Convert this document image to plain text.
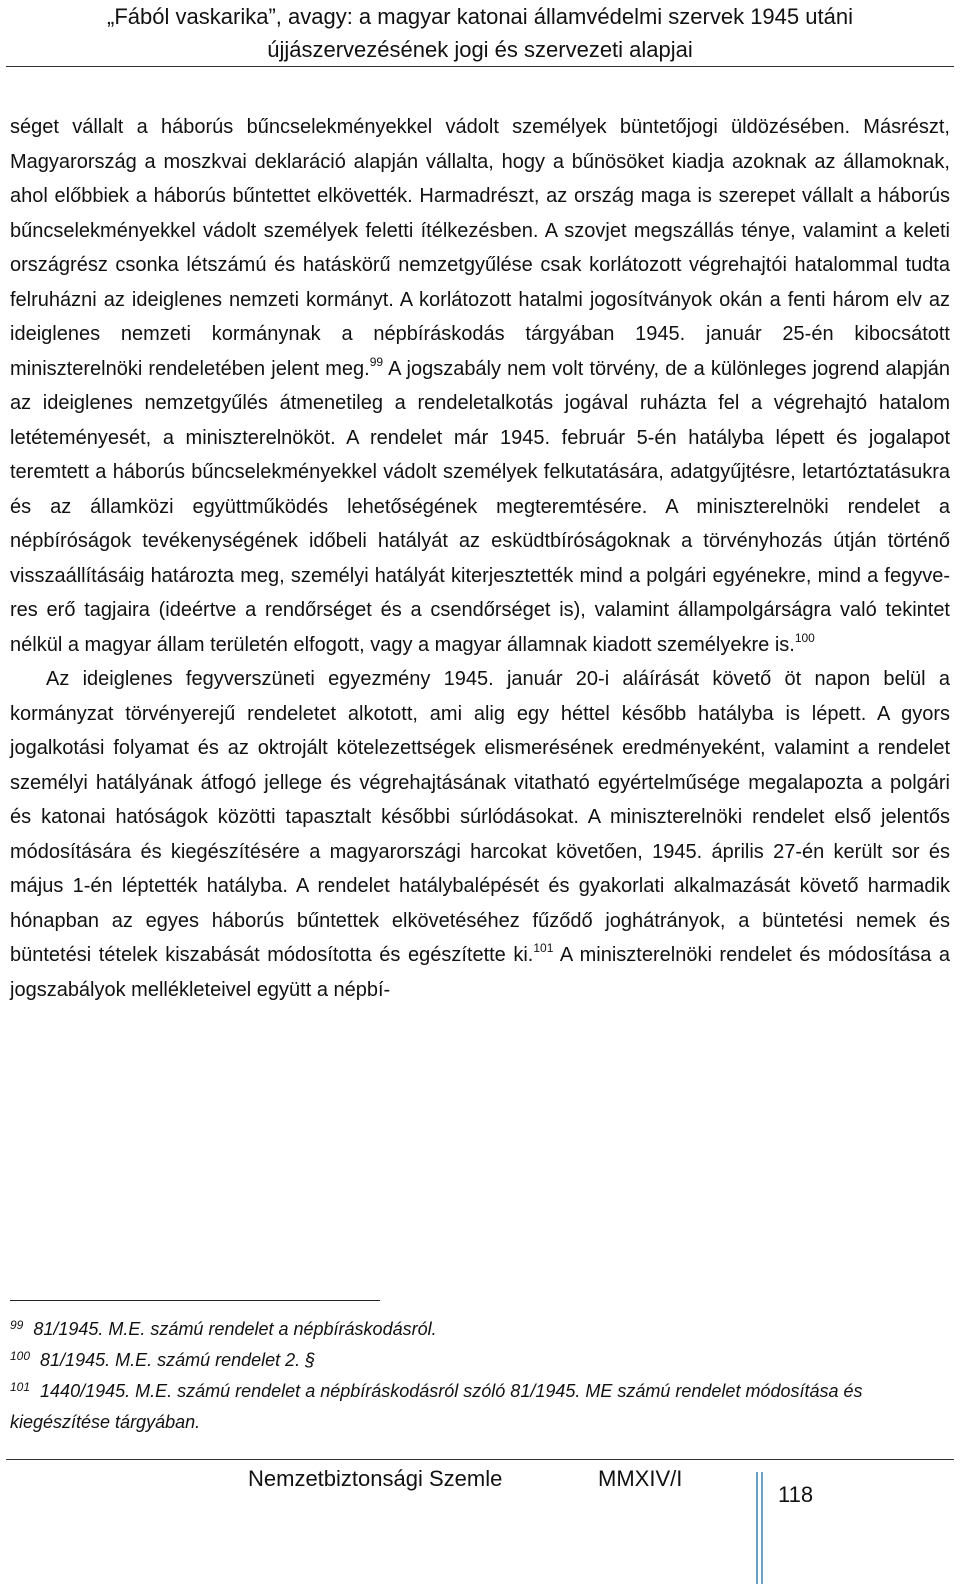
„Fából vaskarika”, avagy: a magyar katonai államvédelmi szervek 1945 utáni
újjászervezésének jogi és szervezeti alapjai

séget vállalt a háborús bűncselekményekkel vádolt személyek büntetőjogi üldözésében. Másrészt, Magyarország a moszkvai deklaráció alapján vállalta, hogy a bűnösöket kiadja azoknak az államoknak, ahol előbbiek a háborús bűntettet elkövették. Harmadrészt, az ország maga is szerepet vállalt a háborús bűncselekményekkel vádolt személyek feletti ítélkezésben. A szovjet megszállás ténye, valamint a keleti országrész csonka létszámú és hatáskörű nemzetgyűlése csak korlátozott végrehajtói hatalommal tudta felruházni az ideiglenes nemzeti kormányt. A korlátozott hatalmi jogosítványok okán a fenti három elv az ideiglenes nemzeti kormánynak a népbíráskodás tárgyában 1945. január 25-én kibocsátott miniszterelnöki rendeletében jelent meg.$^{99}$ A jogszabály nem volt törvény, de a különleges jogrend alapján az ideiglenes nemzetgyűlés átmenetileg a rendeletalkotás jogával ruházta fel a végrehajtó hatalom letéteményesét, a miniszterelnököt. A rendelet már 1945. február 5-én hatályba lépett és jogalapot teremtett a háborús bűncselekményekkel vádolt személyek felkutatására, adatgyűjtésre, letartóztatásukra és az államközi együttműködés lehetőségének megteremtésére. A miniszterelnöki rendelet a népbíróságok tevékenységének időbeli hatályát az esküdtbíróságoknak a törvényhozás útján történő visszaállításáig határozta meg, személyi hatályát kiterjesztették mind a polgári egyénekre, mind a fegyveres erő tagjaira (ideértve a rendőrséget és a csendőrséget is), valamint állampolgárságra való tekintet nélkül a magyar állam területén elfogott, vagy a magyar államnak kiadott személyekre is.$^{100}$

Az ideiglenes fegyverszüneti egyezmény 1945. január 20-i aláírását követő öt napon belül a kormányzat törvényerejű rendeletet alkotott, ami alig egy héttel később hatályba is lépett. A gyors jogalkotási folyamat és az oktrojált kötelezettségek elismerésének eredményeként, valamint a rendelet személyi hatályának átfogó jellege és végrehajtásának vitatható egyértelműsége megalapozta a polgári és katonai hatóságok közötti tapasztalt későbbi súrlódásokat. A miniszterelnöki rendelet első jelentős módosítására és kiegészítésére a magyarországi harcokat követően, 1945. április 27-én került sor és május 1-én léptették hatályba. A rendelet hatálybalépését és gyakorlati alkalmazását követő harmadik hónapban az egyes háborús bűntettek elkövetéséhez fűződő joghátrányok, a büntetési nemek és büntetési tételek kiszabását módosította és egészítette ki.$^{101}$ A miniszterelnöki rendelet és módosítása a jogszabályok mellékleteivel együtt a népbí-

$^{99}$ 81/1945. M.E. számú rendelet a népbíráskodásról.

$^{100}$ 81/1945. M.E. számú rendelet 2. §

$^{101}$ 1440/1945. M.E. számú rendelet a népbíráskodásról szóló 81/1945. ME számú rendelet módosítása és kiegészítése tárgyában.

Nemzetbiztonsági Szemle	MMXIV/I
118
